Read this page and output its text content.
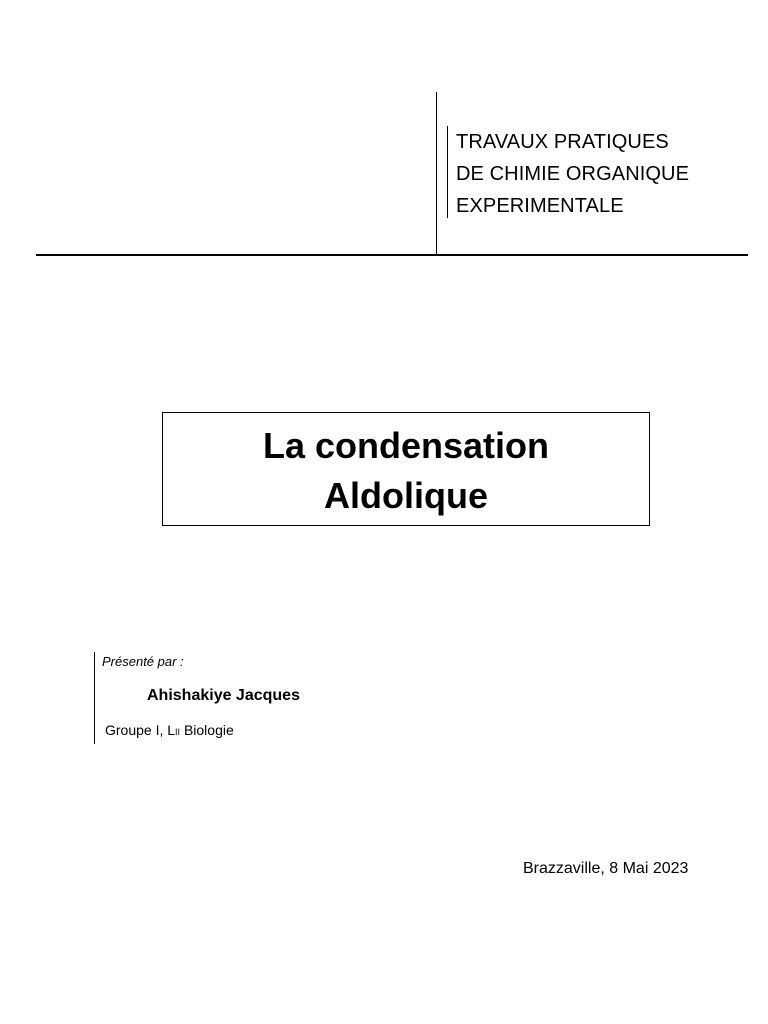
TRAVAUX PRATIQUES
DE CHIMIE ORGANIQUE
EXPERIMENTALE
La condensation
Aldolique
Présenté par :
Ahishakiye Jacques
Groupe I, LII Biologie
Brazzaville, 8 Mai 2023
